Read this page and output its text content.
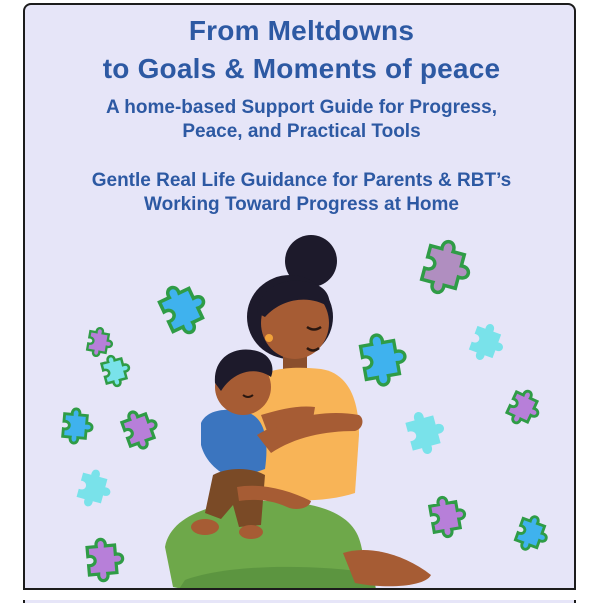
From Meltdowns
to Goals & Moments of peace
A home-based Support Guide for Progress,
Peace, and Practical Tools
Gentle Real Life Guidance for Parents & RBT’s
Working Toward Progress at Home
